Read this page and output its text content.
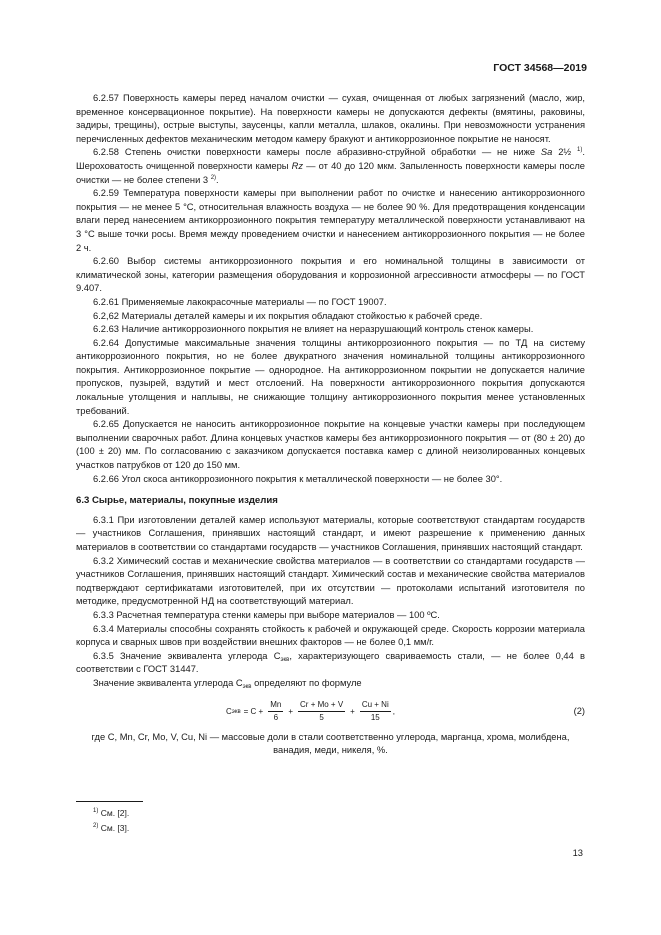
ГОСТ 34568—2019

6.2.57 Поверхность камеры перед началом очистки — сухая, очищенная от любых загрязнений (масло, жир, временное консервационное покрытие). На поверхности камеры не допускаются дефекты (вмятины, раковины, задиры, трещины), острые выступы, заусенцы, капли металла, шлаков, окалины. При невозможности устранения перечисленных дефектов механическим методом камеру бракуют и антикоррозионное покрытие не наносят.

6.2.58 Степень очистки поверхности камеры после абразивно-струйной обработки — не ниже Sa 2½ $^{1)}$. Шероховатость очищенной поверхности камеры Rz — от 40 до 120 мкм. Запыленность поверхности камеры после очистки — не более степени 3 $^{2)}$.

6.2.59 Температура поверхности камеры при выполнении работ по очистке и нанесению антикоррозионного покрытия — не менее 5 °С, относительная влажность воздуха — не более 90 %. Для предотвращения конденсации влаги перед нанесением антикоррозионного покрытия температуру металлической поверхности устанавливают на 3 °С выше точки росы. Время между проведением очистки и нанесением антикоррозионного покрытия — не более 2 ч.

6.2.60 Выбор системы антикоррозионного покрытия и его номинальной толщины в зависимости от климатической зоны, категории размещения оборудования и коррозионной агрессивности атмосферы — по ГОСТ 9.407.

6.2.61 Применяемые лакокрасочные материалы — по ГОСТ 19007.

6.2,62 Материалы деталей камеры и их покрытия обладают стойкостью к рабочей среде.

6.2.63 Наличие антикоррозионного покрытия не влияет на неразрушающий контроль стенок камеры.

6.2.64 Допустимые максимальные значения толщины антикоррозионного покрытия — по ТД на систему антикоррозионного покрытия, но не более двукратного значения номинальной толщины антикоррозионного покрытия. Антикоррозионное покрытие — однородное. На антикоррозионном покрытии не допускается наличие пропусков, пузырей, вздутий и мест отслоений. На поверхности антикоррозионного покрытия допускаются локальные утолщения и наплывы, не снижающие толщину антикоррозионного покрытия менее установленных требований.

6.2.65 Допускается не наносить антикоррозионное покрытие на концевые участки камеры при последующем выполнении сварочных работ. Длина концевых участков камеры без антикоррозионного покрытия — от (80 ± 20) до (100 ± 20) мм. По согласованию с заказчиком допускается поставка камер с длиной неизолированных концевых участков патрубков от 120 до 150 мм.

6.2.66 Угол скоса антикоррозионного покрытия к металлической поверхности — не более 30°.

6.3 Сырье, материалы, покупные изделия

6.3.1 При изготовлении деталей камер используют материалы, которые соответствуют стандартам государств — участников Соглашения, принявших настоящий стандарт, и имеют разрешение к применению данных материалов в соответствии со стандартами государств — участников Соглашения, принявших настоящий стандарт.

6.3.2 Химический состав и механические свойства материалов — в соответствии со стандартами государств — участников Соглашения, принявших настоящий стандарт. Химический состав и механические свойства материалов подтверждают сертификатами изготовителей, при их отсутствии — протоколами испытаний изготовителя по методике, предусмотренной НД на соответствующий материал.

6.3.3 Расчетная температура стенки камеры при выборе материалов — 100 ºС.

6.3.4 Материалы способны сохранять стойкость к рабочей и окружающей среде. Скорость коррозии материала корпуса и сварных швов при воздействии внешних факторов — не более 0,1 мм/г.

6.3.5 Значение эквивалента углерода $С_{экв}$, характеризующего свариваемость стали, — не более 0,44 в соответствии с ГОСТ 31447.

Значение эквивалента углерода $С_{экв}$ определяют по формуле

С экв = $С + \frac{Mn}{6} + \frac{Cr + Mo + V}{5} + \frac{Cu + Ni}{15}$ ,	(2)

где С, Mn, Cr, Mo, V, Cu, Ni — массовые доли в стали соответственно углерода, марганца, хрома, молибдена, ванадия, меди, никеля, %.

$^{1)}$ См. [2].
$^{2)}$ См. [3].
13
